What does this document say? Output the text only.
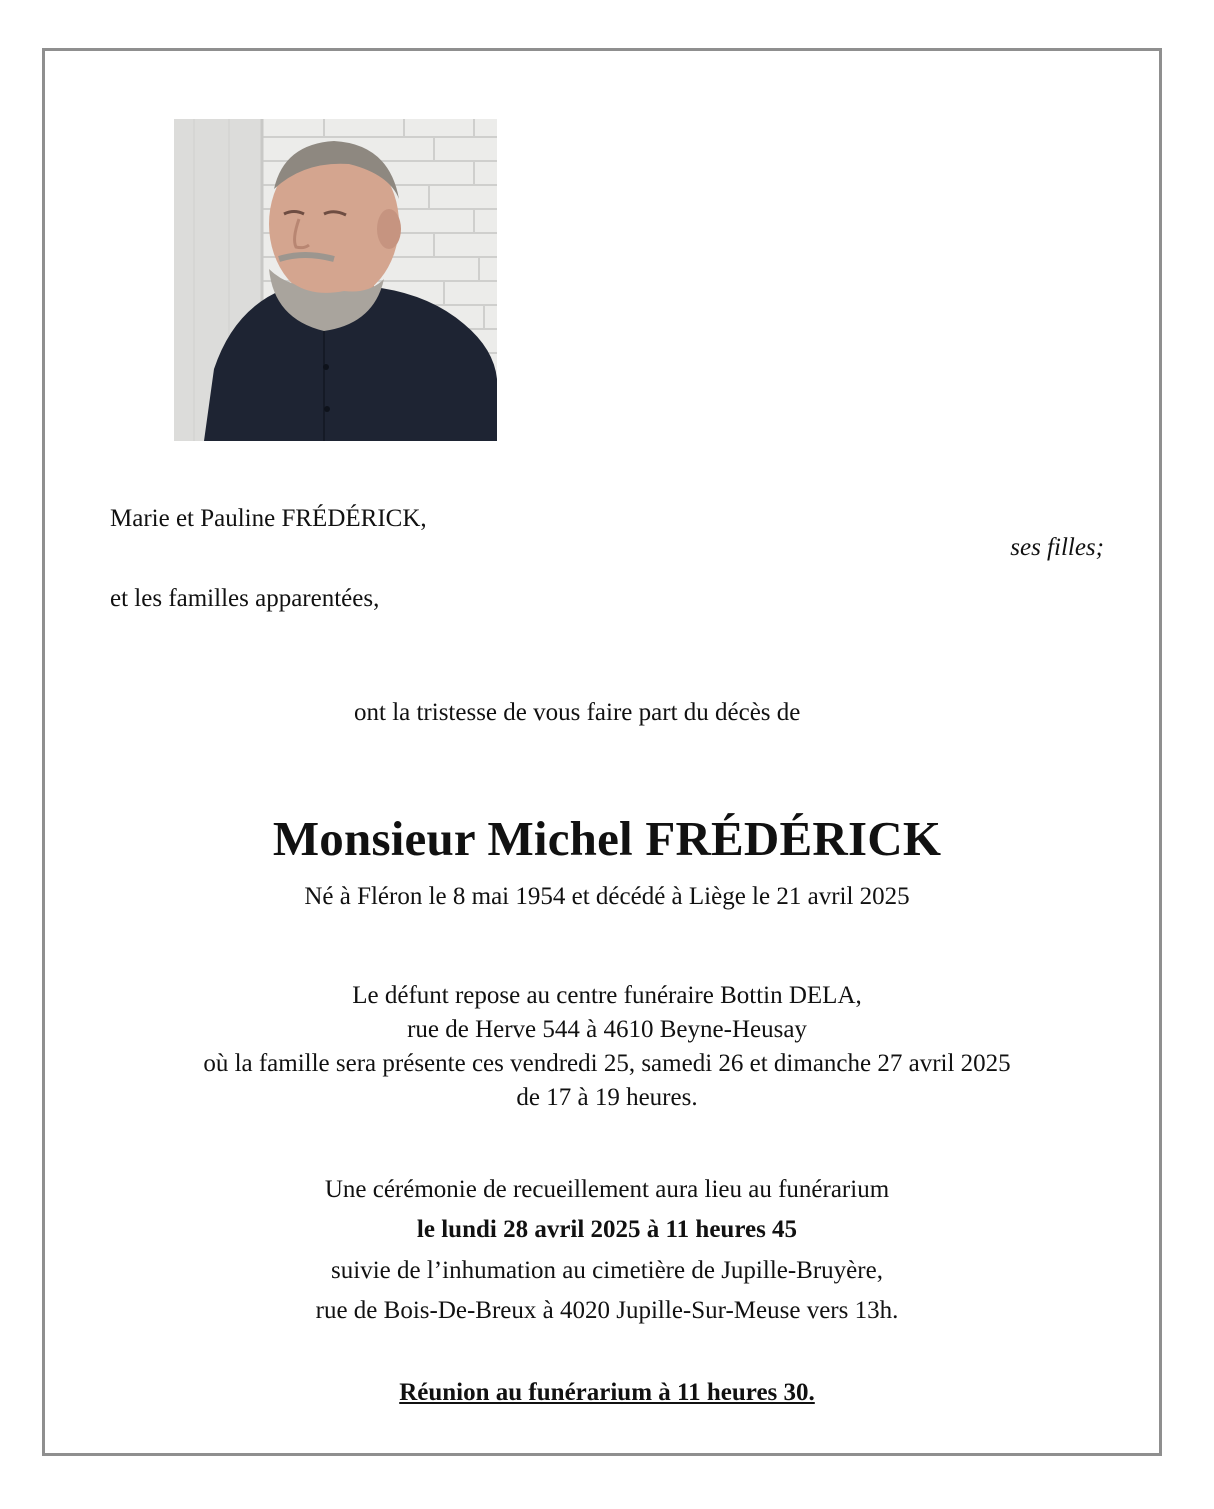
Marie et Pauline FRÉDÉRICK,
ses filles;
et les familles apparentées,
ont la tristesse de vous faire part du décès de
Monsieur Michel FRÉDÉRICK
Né à Fléron le 8 mai 1954 et décédé à Liège le 21 avril 2025
Le défunt repose au centre funéraire Bottin DELA,
rue de Herve 544 à 4610 Beyne-Heusay
où la famille sera présente ces vendredi 25, samedi 26 et dimanche 27 avril 2025
de 17 à 19 heures.
Une cérémonie de recueillement aura lieu au funérarium
le lundi 28 avril 2025 à 11 heures 45
suivie de l’inhumation au cimetière de Jupille-Bruyère,
rue de Bois-De-Breux à 4020 Jupille-Sur-Meuse vers 13h.
Réunion au funérarium à 11 heures 30.
